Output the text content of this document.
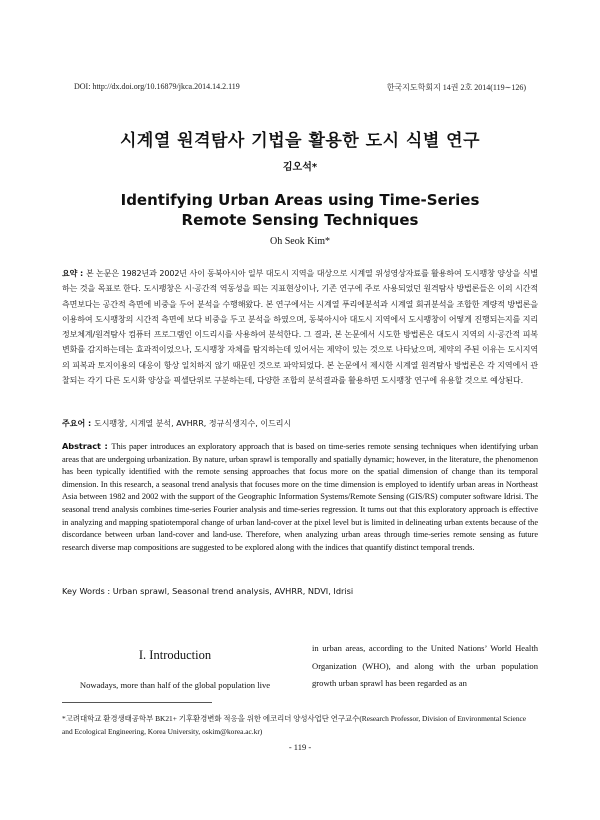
DOI: http://dx.doi.org/10.16879/jkca.2014.14.2.119	한국지도학회지 14권 2호 2014(119∼126)
시계열 원격탐사 기법을 활용한 도시 식별 연구
김오석*
Identifying Urban Areas using Time-Series Remote Sensing Techniques
Oh Seok Kim*
요약 : 본 논문은 1982년과 2002년 사이 동북아시아 일부 대도시 지역을 대상으로 시계열 위성영상자료를 활용하여 도시팽창 양상을 식별하는 것을 목표로 한다. 도시팽창은 시·공간적 역동성을 띄는 지표현상이나, 기존 연구에 주로 사용되었던 원격탐사 방법론들은 이의 시간적 측면보다는 공간적 측면에 비중을 두어 분석을 수행해왔다. 본 연구에서는 시계열 푸리에분석과 시계열 회귀분석을 조합한 계량적 방법론을 이용하여 도시팽창의 시간적 측면에 보다 비중을 두고 분석을 하였으며, 동북아시아 대도시 지역에서 도시팽창이 어떻게 진행되는지를 지리정보체계/원격탐사 컴퓨터 프로그램인 이드리시를 사용하여 분석한다. 그 결과, 본 논문에서 시도한 방법론은 대도시 지역의 시·공간적 피복변화를 감지하는데는 효과적이었으나, 도시팽창 자체를 탐지하는데 있어서는 제약이 있는 것으로 나타났으며, 제약의 주된 이유는 도시지역의 피복과 토지이용의 대응이 항상 일치하지 않기 때문인 것으로 파악되었다. 본 논문에서 제시한 시계열 원격탐사 방법론은 각 지역에서 관찰되는 각기 다른 도시화 양상을 픽셀단위로 구분하는데, 다양한 조합의 분석결과를 활용하면 도시팽창 연구에 유용할 것으로 예상된다.
주요어 : 도시팽창, 시계열 분석, AVHRR, 정규식생지수, 이드리시
Abstract : This paper introduces an exploratory approach that is based on time-series remote sensing techniques when identifying urban areas that are undergoing urbanization. By nature, urban sprawl is temporally and spatially dynamic; however, in the literature, the phenomenon has been typically identified with the remote sensing approaches that focus more on the spatial dimension of change than its temporal dimension. In this research, a seasonal trend analysis that focuses more on the time dimension is employed to identify urban areas in Northeast Asia between 1982 and 2002 with the support of the Geographic Information Systems/Remote Sensing (GIS/RS) computer software Idrisi. The seasonal trend analysis combines time-series Fourier analysis and time-series regression. It turns out that this exploratory approach is effective in analyzing and mapping spatiotemporal change of urban land-cover at the pixel level but is limited in delineating urban extents because of the discordance between urban land-cover and land-use. Therefore, when analyzing urban areas through time-series remote sensing as future research diverse map compositions are suggested to be explored along with the indices that quantify distinct temporal trends.
Key Words : Urban sprawl, Seasonal trend analysis, AVHRR, NDVI, Idrisi
I. Introduction
Nowadays, more than half of the global population live
in urban areas, according to the United Nations’ World Health Organization (WHO), and along with the urban population growth urban sprawl has been regarded as an
*고려대학교 환경생태공학부 BK21+ 기후환경변화 적응을 위한 에코리더 양성사업단 연구교수(Research Professor, Division of Environmental Science and Ecological Engineering, Korea University, oskim@korea.ac.kr)
- 119 -
